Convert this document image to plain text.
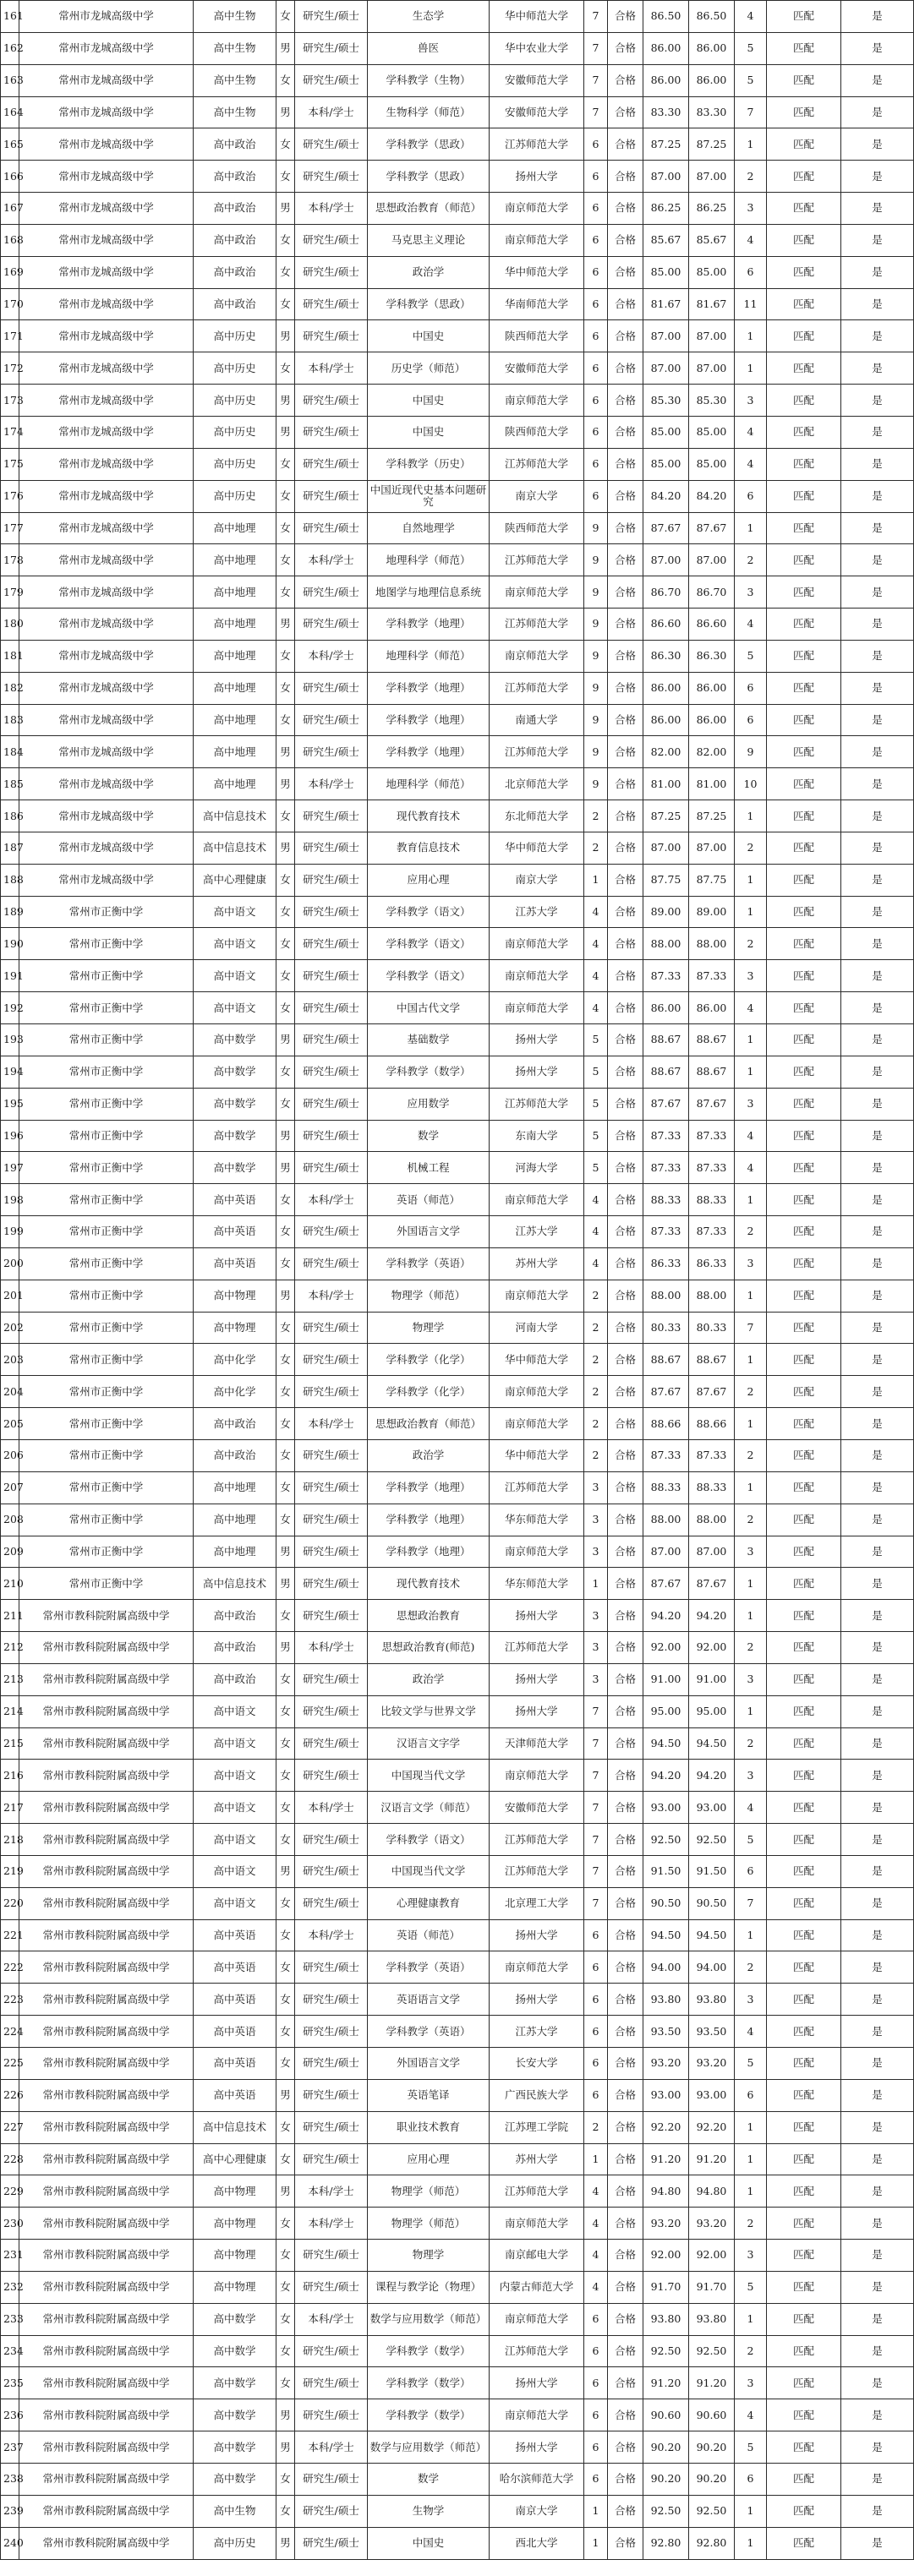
161	常州市龙城高级中学	高中生物	女	研究生/硕士	生态学	华中师范大学	7	合格	86.50	86.50	4	匹配	是
162	常州市龙城高级中学	高中生物	男	研究生/硕士	兽医	华中农业大学	7	合格	86.00	86.00	5	匹配	是
163	常州市龙城高级中学	高中生物	女	研究生/硕士	学科教学（生物）	安徽师范大学	7	合格	86.00	86.00	5	匹配	是
164	常州市龙城高级中学	高中生物	男	本科/学士	生物科学（师范）	安徽师范大学	7	合格	83.30	83.30	7	匹配	是
165	常州市龙城高级中学	高中政治	女	研究生/硕士	学科教学（思政）	江苏师范大学	6	合格	87.25	87.25	1	匹配	是
166	常州市龙城高级中学	高中政治	女	研究生/硕士	学科教学（思政）	扬州大学	6	合格	87.00	87.00	2	匹配	是
167	常州市龙城高级中学	高中政治	男	本科/学士	思想政治教育（师范）	南京师范大学	6	合格	86.25	86.25	3	匹配	是
168	常州市龙城高级中学	高中政治	女	研究生/硕士	马克思主义理论	南京师范大学	6	合格	85.67	85.67	4	匹配	是
169	常州市龙城高级中学	高中政治	女	研究生/硕士	政治学	华中师范大学	6	合格	85.00	85.00	6	匹配	是
170	常州市龙城高级中学	高中政治	女	研究生/硕士	学科教学（思政）	华南师范大学	6	合格	81.67	81.67	11	匹配	是
171	常州市龙城高级中学	高中历史	男	研究生/硕士	中国史	陕西师范大学	6	合格	87.00	87.00	1	匹配	是
172	常州市龙城高级中学	高中历史	女	本科/学士	历史学（师范）	安徽师范大学	6	合格	87.00	87.00	1	匹配	是
173	常州市龙城高级中学	高中历史	男	研究生/硕士	中国史	南京师范大学	6	合格	85.30	85.30	3	匹配	是
174	常州市龙城高级中学	高中历史	男	研究生/硕士	中国史	陕西师范大学	6	合格	85.00	85.00	4	匹配	是
175	常州市龙城高级中学	高中历史	女	研究生/硕士	学科教学（历史）	江苏师范大学	6	合格	85.00	85.00	4	匹配	是
176	常州市龙城高级中学	高中历史	女	研究生/硕士	中国近现代史基本问题研究	南京大学	6	合格	84.20	84.20	6	匹配	是
177	常州市龙城高级中学	高中地理	女	研究生/硕士	自然地理学	陕西师范大学	9	合格	87.67	87.67	1	匹配	是
178	常州市龙城高级中学	高中地理	女	本科/学士	地理科学（师范）	江苏师范大学	9	合格	87.00	87.00	2	匹配	是
179	常州市龙城高级中学	高中地理	女	研究生/硕士	地图学与地理信息系统	南京师范大学	9	合格	86.70	86.70	3	匹配	是
180	常州市龙城高级中学	高中地理	男	研究生/硕士	学科教学（地理）	江苏师范大学	9	合格	86.60	86.60	4	匹配	是
181	常州市龙城高级中学	高中地理	女	本科/学士	地理科学（师范）	南京师范大学	9	合格	86.30	86.30	5	匹配	是
182	常州市龙城高级中学	高中地理	女	研究生/硕士	学科教学（地理）	江苏师范大学	9	合格	86.00	86.00	6	匹配	是
183	常州市龙城高级中学	高中地理	女	研究生/硕士	学科教学（地理）	南通大学	9	合格	86.00	86.00	6	匹配	是
184	常州市龙城高级中学	高中地理	男	研究生/硕士	学科教学（地理）	江苏师范大学	9	合格	82.00	82.00	9	匹配	是
185	常州市龙城高级中学	高中地理	男	本科/学士	地理科学（师范）	北京师范大学	9	合格	81.00	81.00	10	匹配	是
186	常州市龙城高级中学	高中信息技术	女	研究生/硕士	现代教育技术	东北师范大学	2	合格	87.25	87.25	1	匹配	是
187	常州市龙城高级中学	高中信息技术	男	研究生/硕士	教育信息技术	华中师范大学	2	合格	87.00	87.00	2	匹配	是
188	常州市龙城高级中学	高中心理健康	女	研究生/硕士	应用心理	南京大学	1	合格	87.75	87.75	1	匹配	是
189	常州市正衡中学	高中语文	女	研究生/硕士	学科教学（语文）	江苏大学	4	合格	89.00	89.00	1	匹配	是
190	常州市正衡中学	高中语文	女	研究生/硕士	学科教学（语文）	南京师范大学	4	合格	88.00	88.00	2	匹配	是
191	常州市正衡中学	高中语文	女	研究生/硕士	学科教学（语文）	南京师范大学	4	合格	87.33	87.33	3	匹配	是
192	常州市正衡中学	高中语文	女	研究生/硕士	中国古代文学	南京师范大学	4	合格	86.00	86.00	4	匹配	是
193	常州市正衡中学	高中数学	男	研究生/硕士	基础数学	扬州大学	5	合格	88.67	88.67	1	匹配	是
194	常州市正衡中学	高中数学	女	研究生/硕士	学科教学（数学）	扬州大学	5	合格	88.67	88.67	1	匹配	是
195	常州市正衡中学	高中数学	女	研究生/硕士	应用数学	江苏师范大学	5	合格	87.67	87.67	3	匹配	是
196	常州市正衡中学	高中数学	男	研究生/硕士	数学	东南大学	5	合格	87.33	87.33	4	匹配	是
197	常州市正衡中学	高中数学	男	研究生/硕士	机械工程	河海大学	5	合格	87.33	87.33	4	匹配	是
198	常州市正衡中学	高中英语	女	本科/学士	英语（师范）	南京师范大学	4	合格	88.33	88.33	1	匹配	是
199	常州市正衡中学	高中英语	女	研究生/硕士	外国语言文学	江苏大学	4	合格	87.33	87.33	2	匹配	是
200	常州市正衡中学	高中英语	女	研究生/硕士	学科教学（英语）	苏州大学	4	合格	86.33	86.33	3	匹配	是
201	常州市正衡中学	高中物理	男	本科/学士	物理学（师范）	南京师范大学	2	合格	88.00	88.00	1	匹配	是
202	常州市正衡中学	高中物理	女	研究生/硕士	物理学	河南大学	2	合格	80.33	80.33	7	匹配	是
203	常州市正衡中学	高中化学	女	研究生/硕士	学科教学（化学）	华中师范大学	2	合格	88.67	88.67	1	匹配	是
204	常州市正衡中学	高中化学	女	研究生/硕士	学科教学（化学）	南京师范大学	2	合格	87.67	87.67	2	匹配	是
205	常州市正衡中学	高中政治	女	本科/学士	思想政治教育（师范）	南京师范大学	2	合格	88.66	88.66	1	匹配	是
206	常州市正衡中学	高中政治	女	研究生/硕士	政治学	华中师范大学	2	合格	87.33	87.33	2	匹配	是
207	常州市正衡中学	高中地理	女	研究生/硕士	学科教学（地理）	江苏师范大学	3	合格	88.33	88.33	1	匹配	是
208	常州市正衡中学	高中地理	女	研究生/硕士	学科教学（地理）	华东师范大学	3	合格	88.00	88.00	2	匹配	是
209	常州市正衡中学	高中地理	男	研究生/硕士	学科教学（地理）	南京师范大学	3	合格	87.00	87.00	3	匹配	是
210	常州市正衡中学	高中信息技术	男	研究生/硕士	现代教育技术	华东师范大学	1	合格	87.67	87.67	1	匹配	是
211	常州市教科院附属高级中学	高中政治	女	研究生/硕士	思想政治教育	扬州大学	3	合格	94.20	94.20	1	匹配	是
212	常州市教科院附属高级中学	高中政治	男	本科/学士	思想政治教育(师范)	江苏师范大学	3	合格	92.00	92.00	2	匹配	是
213	常州市教科院附属高级中学	高中政治	女	研究生/硕士	政治学	扬州大学	3	合格	91.00	91.00	3	匹配	是
214	常州市教科院附属高级中学	高中语文	女	研究生/硕士	比较文学与世界文学	扬州大学	7	合格	95.00	95.00	1	匹配	是
215	常州市教科院附属高级中学	高中语文	女	研究生/硕士	汉语言文字学	天津师范大学	7	合格	94.50	94.50	2	匹配	是
216	常州市教科院附属高级中学	高中语文	女	研究生/硕士	中国现当代文学	南京师范大学	7	合格	94.20	94.20	3	匹配	是
217	常州市教科院附属高级中学	高中语文	女	本科/学士	汉语言文学（师范）	安徽师范大学	7	合格	93.00	93.00	4	匹配	是
218	常州市教科院附属高级中学	高中语文	女	研究生/硕士	学科教学（语文）	江苏师范大学	7	合格	92.50	92.50	5	匹配	是
219	常州市教科院附属高级中学	高中语文	男	研究生/硕士	中国现当代文学	江苏师范大学	7	合格	91.50	91.50	6	匹配	是
220	常州市教科院附属高级中学	高中语文	女	研究生/硕士	心理健康教育	北京理工大学	7	合格	90.50	90.50	7	匹配	是
221	常州市教科院附属高级中学	高中英语	女	本科/学士	英语（师范）	扬州大学	6	合格	94.50	94.50	1	匹配	是
222	常州市教科院附属高级中学	高中英语	女	研究生/硕士	学科教学（英语）	南京师范大学	6	合格	94.00	94.00	2	匹配	是
223	常州市教科院附属高级中学	高中英语	女	研究生/硕士	英语语言文学	扬州大学	6	合格	93.80	93.80	3	匹配	是
224	常州市教科院附属高级中学	高中英语	女	研究生/硕士	学科教学（英语）	江苏大学	6	合格	93.50	93.50	4	匹配	是
225	常州市教科院附属高级中学	高中英语	女	研究生/硕士	外国语言文学	长安大学	6	合格	93.20	93.20	5	匹配	是
226	常州市教科院附属高级中学	高中英语	男	研究生/硕士	英语笔译	广西民族大学	6	合格	93.00	93.00	6	匹配	是
227	常州市教科院附属高级中学	高中信息技术	女	研究生/硕士	职业技术教育	江苏理工学院	2	合格	92.20	92.20	1	匹配	是
228	常州市教科院附属高级中学	高中心理健康	女	研究生/硕士	应用心理	苏州大学	1	合格	91.20	91.20	1	匹配	是
229	常州市教科院附属高级中学	高中物理	男	本科/学士	物理学（师范）	江苏师范大学	4	合格	94.80	94.80	1	匹配	是
230	常州市教科院附属高级中学	高中物理	女	本科/学士	物理学（师范）	南京师范大学	4	合格	93.20	93.20	2	匹配	是
231	常州市教科院附属高级中学	高中物理	女	研究生/硕士	物理学	南京邮电大学	4	合格	92.00	92.00	3	匹配	是
232	常州市教科院附属高级中学	高中物理	女	研究生/硕士	课程与教学论（物理）	内蒙古师范大学	4	合格	91.70	91.70	5	匹配	是
233	常州市教科院附属高级中学	高中数学	女	本科/学士	数学与应用数学（师范）	南京师范大学	6	合格	93.80	93.80	1	匹配	是
234	常州市教科院附属高级中学	高中数学	女	研究生/硕士	学科教学（数学）	江苏师范大学	6	合格	92.50	92.50	2	匹配	是
235	常州市教科院附属高级中学	高中数学	女	研究生/硕士	学科教学（数学）	扬州大学	6	合格	91.20	91.20	3	匹配	是
236	常州市教科院附属高级中学	高中数学	男	研究生/硕士	学科教学（数学）	南京师范大学	6	合格	90.60	90.60	4	匹配	是
237	常州市教科院附属高级中学	高中数学	男	本科/学士	数学与应用数学（师范）	扬州大学	6	合格	90.20	90.20	5	匹配	是
238	常州市教科院附属高级中学	高中数学	女	研究生/硕士	数学	哈尔滨师范大学	6	合格	90.20	90.20	6	匹配	是
239	常州市教科院附属高级中学	高中生物	女	研究生/硕士	生物学	南京大学	1	合格	92.50	92.50	1	匹配	是
240	常州市教科院附属高级中学	高中历史	男	研究生/硕士	中国史	西北大学	1	合格	92.80	92.80	1	匹配	是
